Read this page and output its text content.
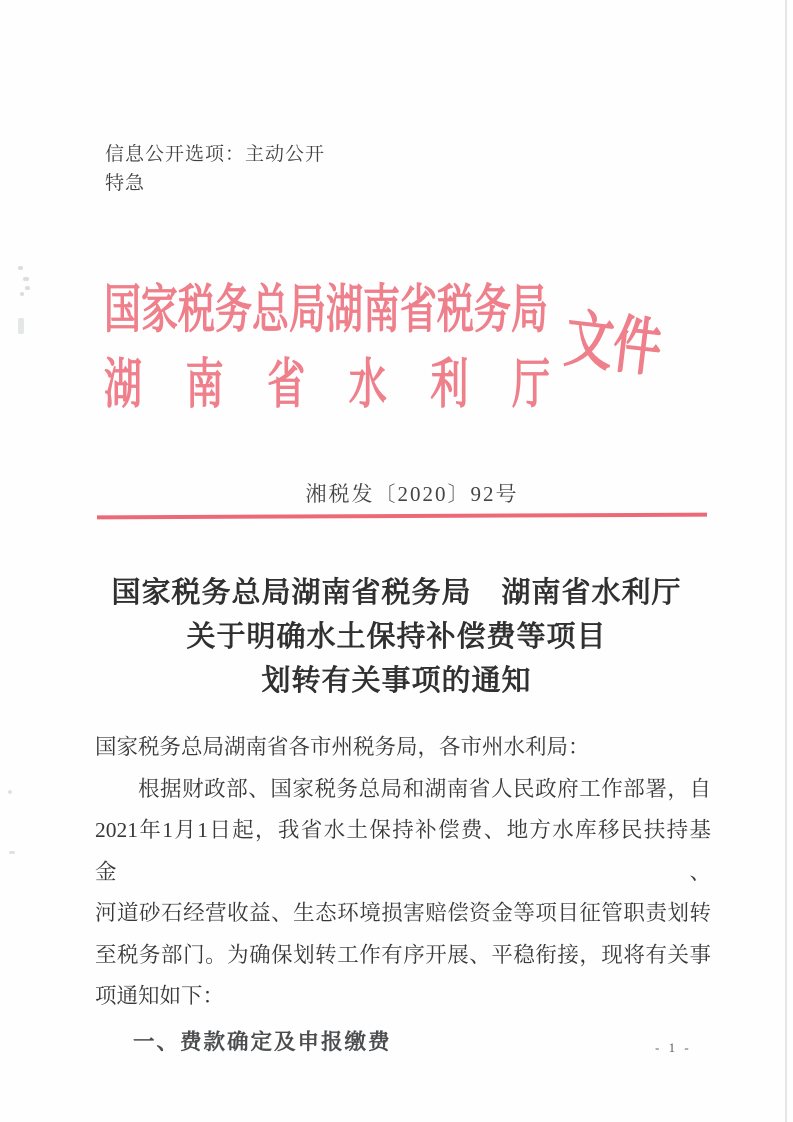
信息公开选项：主动公开
特急
国家税务总局湖南省税务局
湖 南 省 水 利 厅
文件
湘税发〔2020〕92号
国家税务总局湖南省税务局　湖南省水利厅
关于明确水土保持补偿费等项目
划转有关事项的通知
国家税务总局湖南省各市州税务局，各市州水利局：
根据财政部、国家税务总局和湖南省人民政府工作部署，自
2021年1月1日起，我省水土保持补偿费、地方水库移民扶持基金、
河道砂石经营收益、生态环境损害赔偿资金等项目征管职责划转
至税务部门。为确保划转工作有序开展、平稳衔接，现将有关事
项通知如下：
一、费款确定及申报缴费	- 1 -
